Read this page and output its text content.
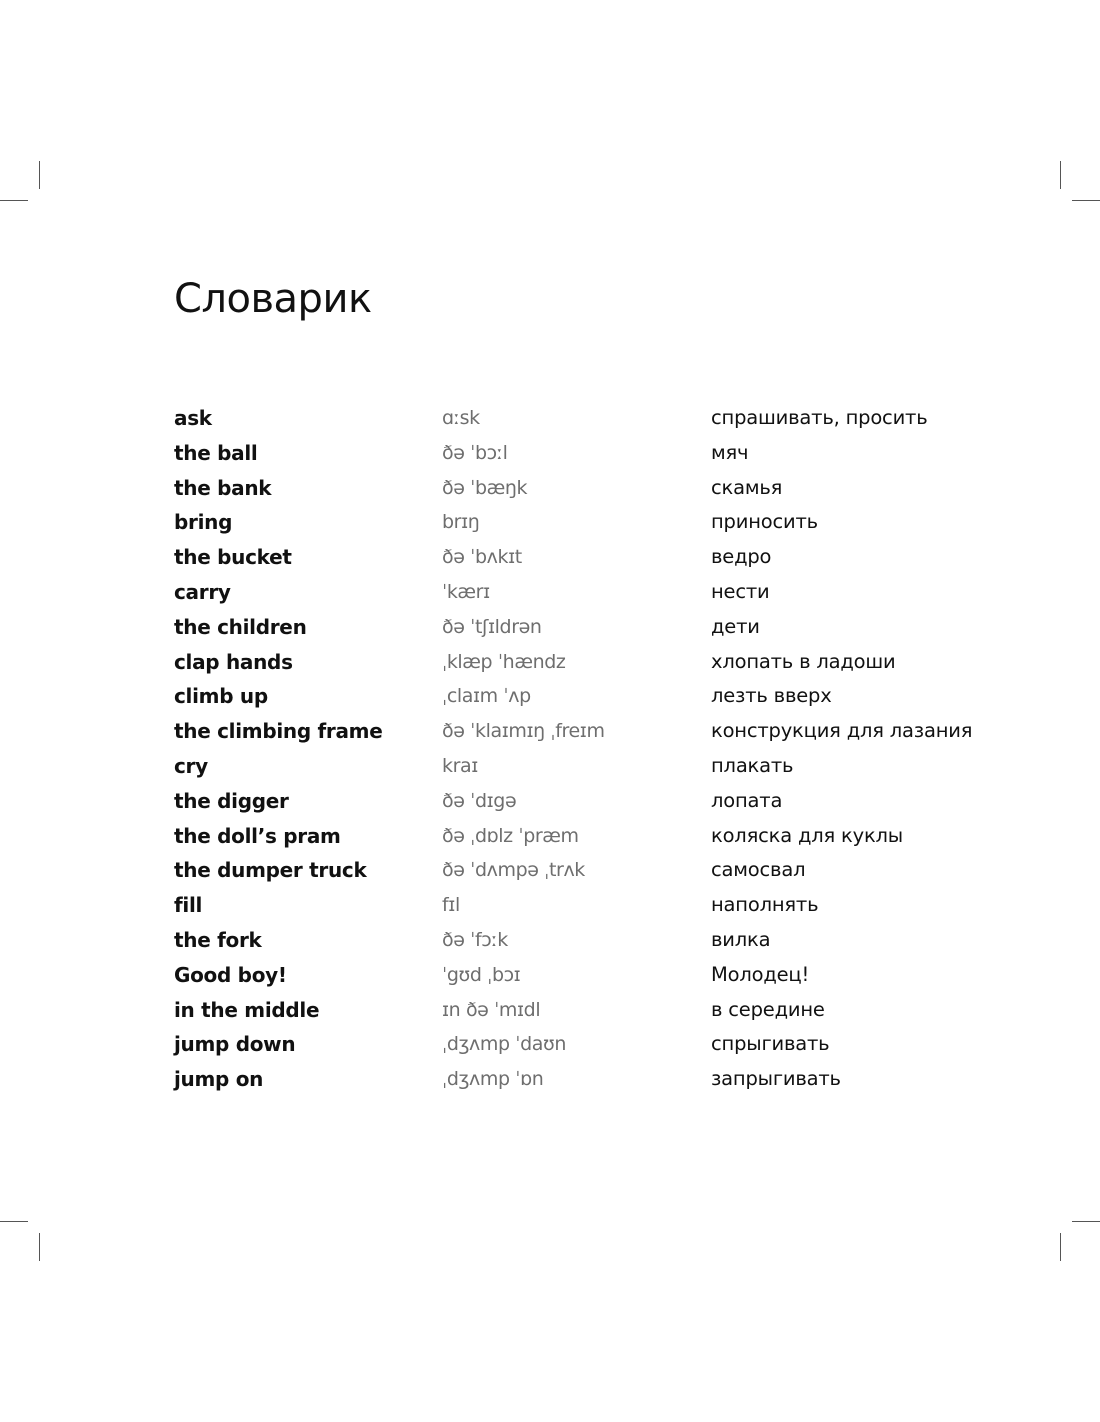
Словарик
ask	ɑːsk	спрашивать, просить
the ball	ðə ˈbɔːl	мяч
the bank	ðə ˈbæŋk	скамья
bring	brɪŋ	приносить
the bucket	ðə ˈbʌkɪt	ведро
carry	ˈkærɪ	нести
the children	ðə ˈtʃɪldrən	дети
clap hands	ˌklæp ˈhændz	хлопать в ладоши
climb up	ˌclaɪm ˈʌp	лезть вверх
the climbing frame	ðə ˈklaɪmɪŋ ˌfreɪm	конструкция для лазания
cry	kraɪ	плакать
the digger	ðə ˈdɪgə	лопата
the doll’s pram	ðə ˌdɒlz ˈpræm	коляска для куклы
the dumper truck	ðə ˈdʌmpə ˌtrʌk	самосвал
fill	fɪl	наполнять
the fork	ðə ˈfɔːk	вилка
Good boy!	ˈgʊd ˌbɔɪ	Молодец!
in the middle	ɪn ðə ˈmɪdl	в середине
jump down	ˌdʒʌmp ˈdaʊn	спрыгивать
jump on	ˌdʒʌmp ˈɒn	запрыгивать
